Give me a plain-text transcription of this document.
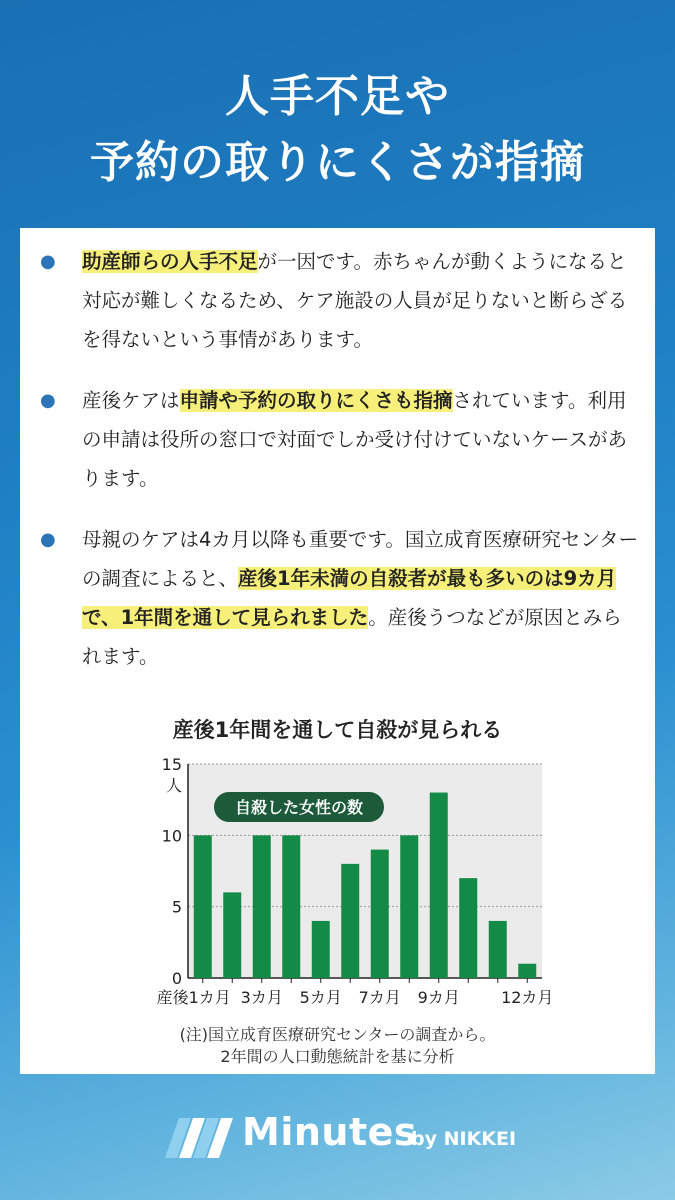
人手不足や
予約の取りにくさが指摘
● 助産師らの人手不足が一因です。赤ちゃんが動くようになると対応が難しくなるため、ケア施設の人員が足りないと断らざるを得ないという事情があります。
● 産後ケアは申請や予約の取りにくさも指摘されています。利用の申請は役所の窓口で対面でしか受け付けていないケースがあります。
● 母親のケアは4カ月以降も重要です。国立成育医療研究センターの調査によると、産後1年未満の自殺者が最も多いのは9カ月で、1年間を通して見られました。産後うつなどが原因とみられます。
産後1年間を通して自殺が見られる
0
5
10
15
人
産後1カ月 3カ月 5カ月 7カ月 9カ月	12カ月
自殺した女性の数
(注)国立成育医療研究センターの調査から。
2年間の人口動態統計を基に分析
Minutes
by NIKKEI
